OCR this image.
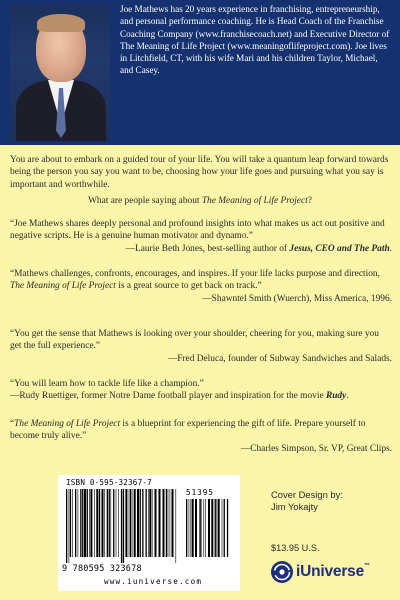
Joe Mathews has 20 years experience in franchising, entrepreneurship, and personal performance coaching. He is Head Coach of the Franchise Coaching Company (www.franchisecoach.net) and Executive Director of The Meaning of Life Project (www.meaningoflifeproject.com). Joe lives in Litchfield, CT, with his wife Mari and his children Taylor, Michael, and Casey.

You are about to embark on a guided tour of your life. You will take a quantum leap forward towards being the person you say you want to be, choosing how your life goes and pursuing what you say is important and worthwhile.

What are people saying about The Meaning of Life Project?

“Joe Mathews shares deeply personal and profound insights into what makes us act out positive and negative scripts. He is a genuine human motivator and dynamo.”
—Laurie Beth Jones, best-selling author of Jesus, CEO and The Path.

“Mathews challenges, confronts, encourages, and inspires. If your life lacks purpose and direction, The Meaning of Life Project is a great source to get back on track.”
—Shawntel Smith (Wuerch), Miss America, 1996.

“You get the sense that Mathews is looking over your shoulder, cheering for you, making sure you get the full experience.”
—Fred Deluca, founder of Subway Sandwiches and Salads.

“You will learn how to tackle life like a champion.”
—Rudy Ruettiger, former Notre Dame football player and inspiration for the movie Rudy.

“The Meaning of Life Project is a blueprint for experiencing the gift of life. Prepare yourself to become truly alive.”
—Charles Simpson, Sr. VP, Great Clips.

ISBN 0-595-32367-7
51395
9 780595 323678
www.iuniverse.com
Cover Design by:
Jim Yokajty
$13.95 U.S.
iUniverse™
